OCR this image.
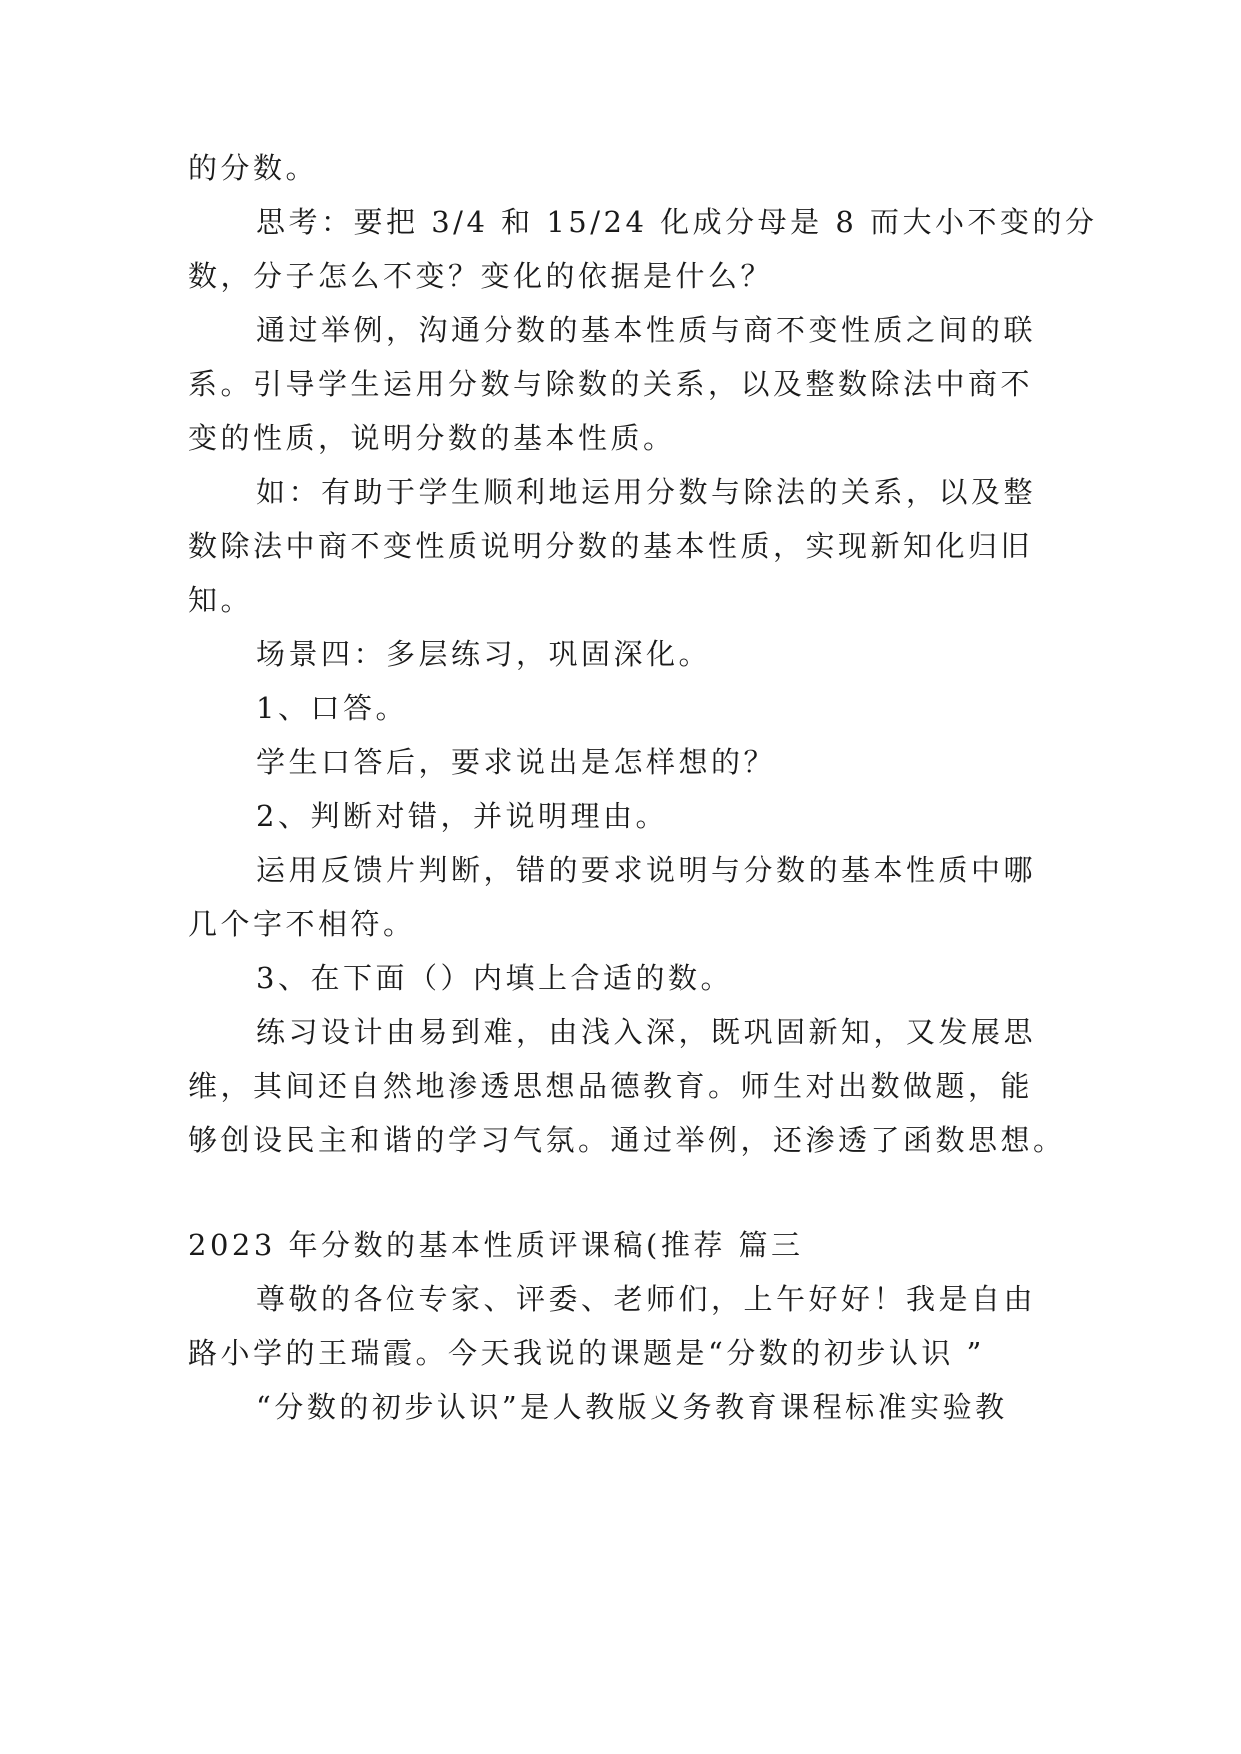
的分数。
思考：要把 3/4 和 15/24 化成分母是 8 而大小不变的分
数，分子怎么不变？变化的依据是什么？
通过举例，沟通分数的基本性质与商不变性质之间的联
系。引导学生运用分数与除数的关系，以及整数除法中商不
变的性质，说明分数的基本性质。
如：有助于学生顺利地运用分数与除法的关系，以及整
数除法中商不变性质说明分数的基本性质，实现新知化归旧
知。
场景四：多层练习，巩固深化。
1、口答。
学生口答后，要求说出是怎样想的？
2、判断对错，并说明理由。
运用反馈片判断，错的要求说明与分数的基本性质中哪
几个字不相符。
3、在下面（）内填上合适的数。
练习设计由易到难，由浅入深，既巩固新知，又发展思
维，其间还自然地渗透思想品德教育。师生对出数做题，能
够创设民主和谐的学习气氛。通过举例，还渗透了函数思想。
2023 年分数的基本性质评课稿(推荐 篇三
尊敬的各位专家、评委、老师们，上午好好！我是自由
路小学的王瑞霞。今天我说的课题是“分数的初步认识 ”
“分数的初步认识”是人教版义务教育课程标准实验教
